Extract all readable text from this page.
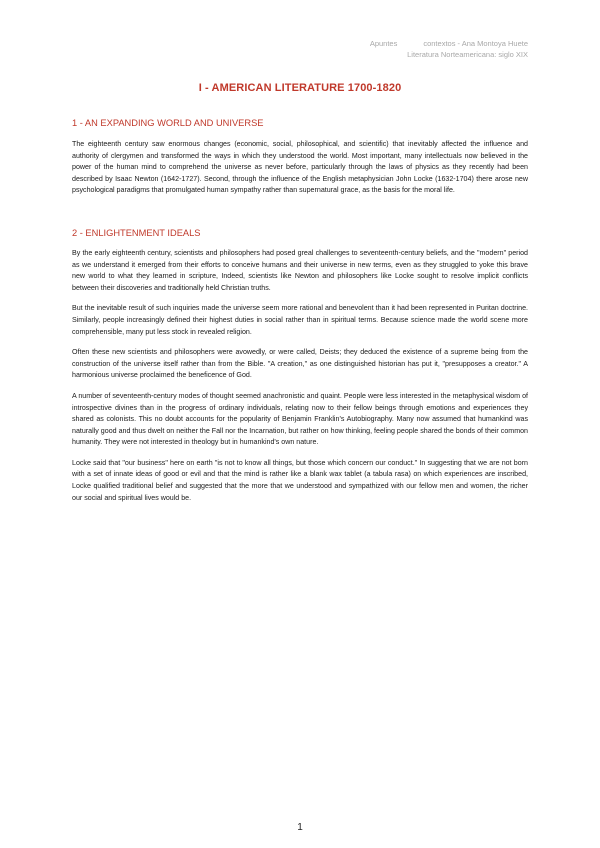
Apuntes	contextos - Ana Montoya Huete
Literatura Norteamericana: siglo XIX
I - AMERICAN LITERATURE 1700-1820
1 - AN EXPANDING WORLD AND UNIVERSE

The eighteenth century saw enormous changes (economic, social, philosophical, and scientific) that inevitably affected the influence and authority of clergymen and transformed the ways in which they understood the world. Most important, many intellectuals now believed in the power of the human mind to comprehend the universe as never before, particularly through the laws of physics as they recently had been described by Isaac Newton (1642-1727). Second, through the influence of the English metaphysician John Locke (1632-1704) there arose new psychological paradigms that promulgated human sympathy rather than supernatural grace, as the basis for the moral life.

2 - ENLIGHTENMENT IDEALS

By the early eighteenth century, scientists and philosophers had posed greal challenges to seventeenth-century beliefs, and the "modern" period as we understand it emerged from their efforts to conceive humans and their universe in new terms, even as they struggled to yoke this brave new world to what they learned in scripture, Indeed, scientists like Newton and philosophers like Locke sought to resolve implicit conflicts between their discoveries and traditionally held Christian truths.

But the inevitable result of such inquiries made the universe seem more rational and benevolent than it had been represented in Puritan doctrine. Similarly, people increasingly defined their highest duties in social rather than in spiritual terms. Because science made the world scene more comprehensible, many put less stock in revealed religion.

Often these new scientists and philosophers were avowedly, or were called, Deists; they deduced the existence of a supreme being from the construction of the universe itself rather than from the Bible. "A creation," as one distinguished historian has put it, "presupposes a creator." A harmonious universe proclaimed the beneficence of God.

A number of seventeenth-century modes of thought seemed anachronistic and quaint. People were less interested in the metaphysical wisdom of introspective divines than in the progress of ordinary individuals, relating now to their fellow beings through emotions and experiences they shared as colonists. This no doubt accounts for the popularity of Benjamin Franklin's Autobiography. Many now assumed that humankind was naturally good and thus dwelt on neither the Fall nor the Incarnation, but rather on how thinking, feeling people shared the bonds of their common humanity. They were not interested in theology but in humankind's own nature.

Locke said that "our business" here on earth "is not to know all things, but those which concern our conduct." In suggesting that we are not born with a set of innate ideas of good or evil and that the mind is rather like a blank wax tablet (a tabula rasa) on which experiences are inscribed, Locke qualified traditional belief and suggested that the more that we understood and sympathized with our fellow men and women, the richer our social and spiritual lives would be.

1
